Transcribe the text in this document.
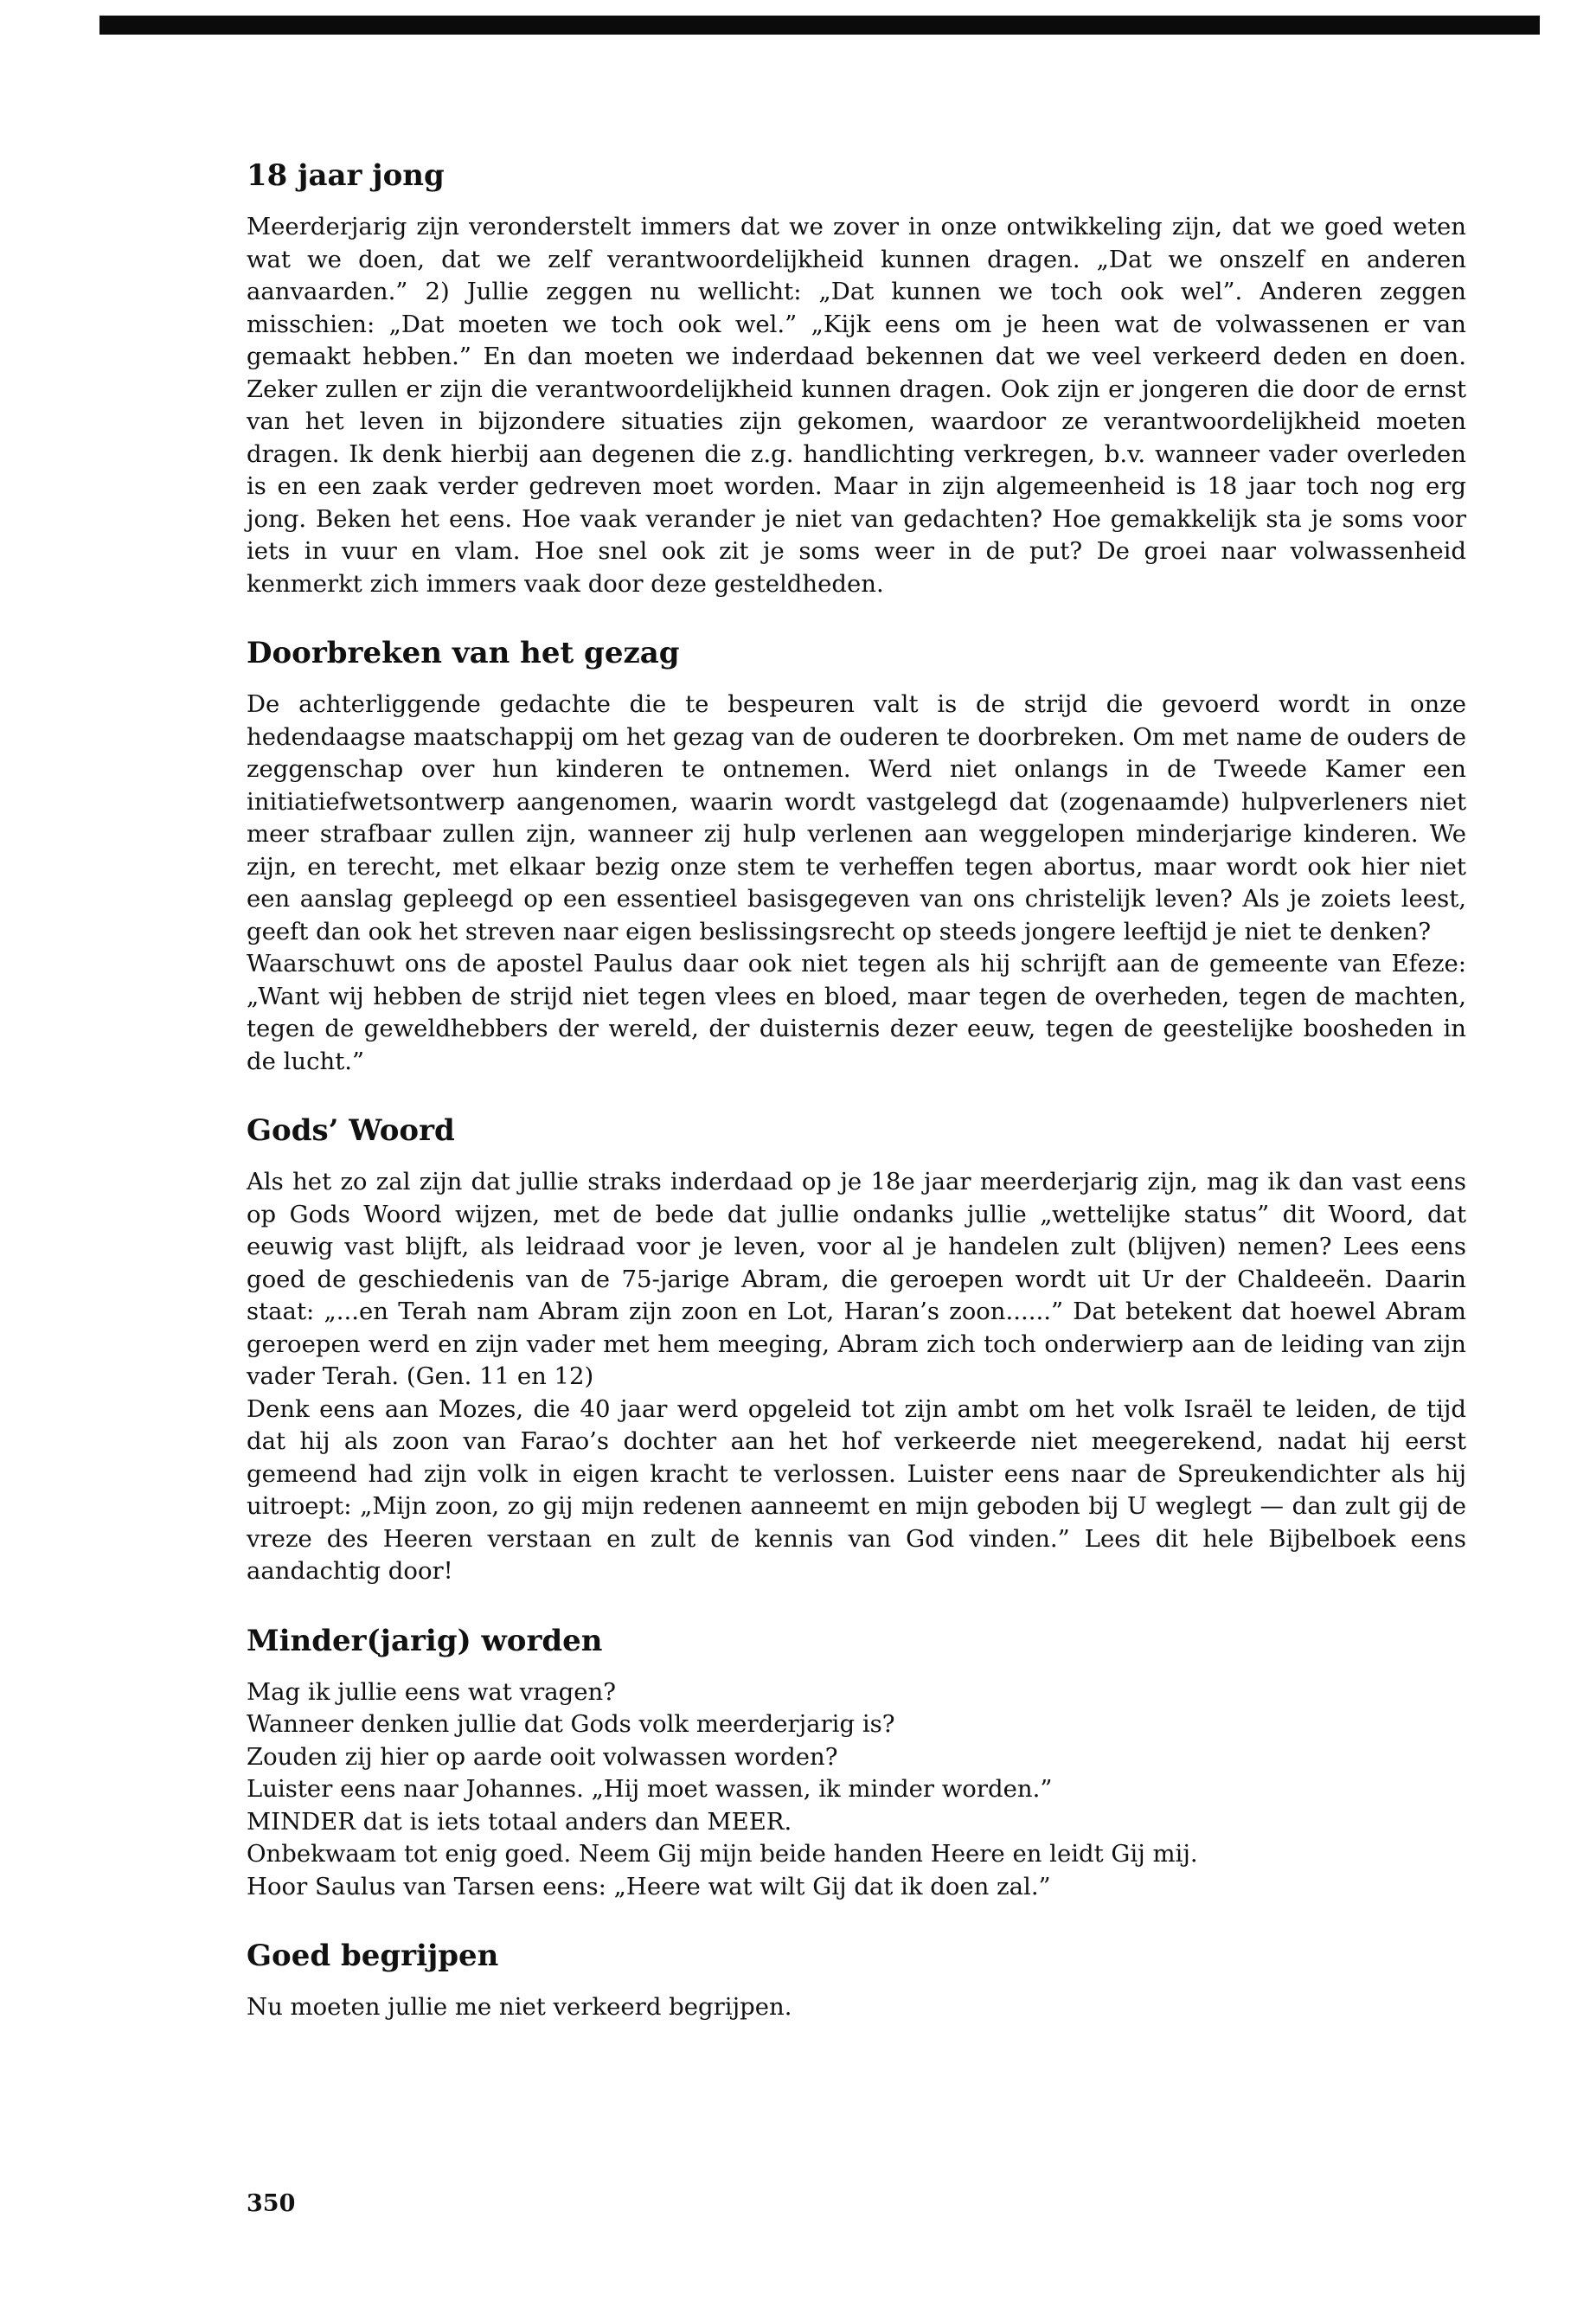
18 jaar jong

Meerderjarig zijn veronderstelt immers dat we zover in onze ontwikkeling zijn, dat we goed weten wat we doen, dat we zelf verantwoordelijkheid kunnen dragen. „Dat we onszelf en anderen aanvaarden.” 2) Jullie zeggen nu wellicht: „Dat kunnen we toch ook wel”. Anderen zeggen misschien: „Dat moeten we toch ook wel.” „Kijk eens om je heen wat de volwassenen er van gemaakt hebben.” En dan moeten we inderdaad bekennen dat we veel verkeerd deden en doen. Zeker zullen er zijn die verantwoordelijkheid kunnen dragen. Ook zijn er jongeren die door de ernst van het leven in bijzondere situaties zijn gekomen, waardoor ze verantwoordelijkheid moeten dragen. Ik denk hierbij aan degenen die z.g. handlichting verkregen, b.v. wanneer vader overleden is en een zaak verder gedreven moet worden. Maar in zijn algemeenheid is 18 jaar toch nog erg jong. Beken het eens. Hoe vaak verander je niet van gedachten? Hoe gemakkelijk sta je soms voor iets in vuur en vlam. Hoe snel ook zit je soms weer in de put? De groei naar volwassenheid kenmerkt zich immers vaak door deze gesteldheden.

Doorbreken van het gezag

De achterliggende gedachte die te bespeuren valt is de strijd die gevoerd wordt in onze hedendaagse maatschappij om het gezag van de ouderen te doorbreken. Om met name de ouders de zeggenschap over hun kinderen te ontnemen. Werd niet onlangs in de Tweede Kamer een initiatiefwetsontwerp aangenomen, waarin wordt vastgelegd dat (zogenaamde) hulpverleners niet meer strafbaar zullen zijn, wanneer zij hulp verlenen aan weggelopen minderjarige kinderen. We zijn, en terecht, met elkaar bezig onze stem te verheffen tegen abortus, maar wordt ook hier niet een aanslag gepleegd op een essentieel basisgegeven van ons christelijk leven? Als je zoiets leest, geeft dan ook het streven naar eigen beslissingsrecht op steeds jongere leeftijd je niet te denken?

Waarschuwt ons de apostel Paulus daar ook niet tegen als hij schrijft aan de gemeente van Efeze: „Want wij hebben de strijd niet tegen vlees en bloed, maar tegen de overheden, tegen de machten, tegen de geweldhebbers der wereld, der duisternis dezer eeuw, tegen de geestelijke boosheden in de lucht.”

Gods’ Woord

Als het zo zal zijn dat jullie straks inderdaad op je 18e jaar meerderjarig zijn, mag ik dan vast eens op Gods Woord wijzen, met de bede dat jullie ondanks jullie „wettelijke status” dit Woord, dat eeuwig vast blijft, als leidraad voor je leven, voor al je handelen zult (blijven) nemen? Lees eens goed de geschiedenis van de 75-jarige Abram, die geroepen wordt uit Ur der Chaldeeën. Daarin staat: „...en Terah nam Abram zijn zoon en Lot, Haran’s zoon......” Dat betekent dat hoewel Abram geroepen werd en zijn vader met hem meeging, Abram zich toch onderwierp aan de leiding van zijn vader Terah. (Gen. 11 en 12)

Denk eens aan Mozes, die 40 jaar werd opgeleid tot zijn ambt om het volk Israël te leiden, de tijd dat hij als zoon van Farao’s dochter aan het hof verkeerde niet meegerekend, nadat hij eerst gemeend had zijn volk in eigen kracht te verlossen. Luister eens naar de Spreukendichter als hij uitroept: „Mijn zoon, zo gij mijn redenen aanneemt en mijn geboden bij U weglegt — dan zult gij de vreze des Heeren verstaan en zult de kennis van God vinden.” Lees dit hele Bijbelboek eens aandachtig door!

Minder(jarig) worden
Mag ik jullie eens wat vragen?
Wanneer denken jullie dat Gods volk meerderjarig is?
Zouden zij hier op aarde ooit volwassen worden?
Luister eens naar Johannes. „Hij moet wassen, ik minder worden.”
MINDER dat is iets totaal anders dan MEER.
Onbekwaam tot enig goed. Neem Gij mijn beide handen Heere en leidt Gij mij.
Hoor Saulus van Tarsen eens: „Heere wat wilt Gij dat ik doen zal.”
Goed begrijpen
Nu moeten jullie me niet verkeerd begrijpen.
350
